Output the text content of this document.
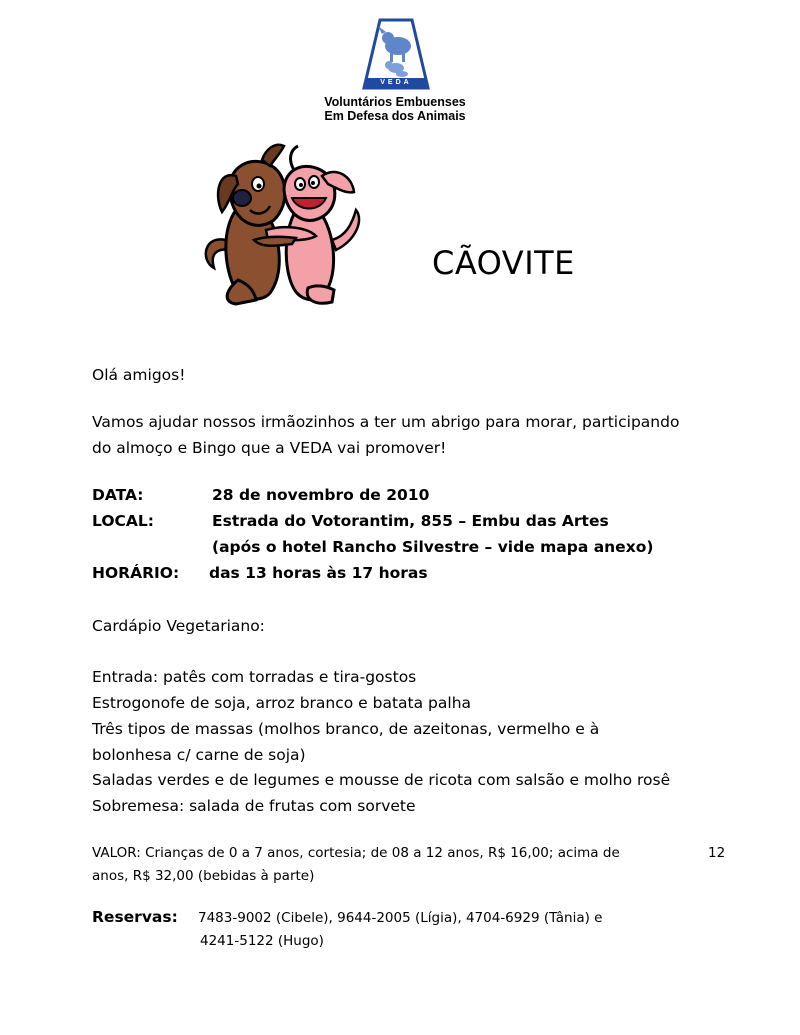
VEDA
Voluntários Embuenses
Em Defesa dos Animais
CÃOVITE
Olá amigos!
Vamos ajudar nossos irmãozinhos a ter um abrigo para morar, participando
do almoço e Bingo que a VEDA vai promover!
DATA:	28 de novembro de 2010
LOCAL:	Estrada do Votorantim, 855 – Embu das Artes
(após o hotel Rancho Silvestre – vide mapa anexo)
HORÁRIO: das 13 horas às 17 horas
Cardápio Vegetariano:
Entrada: patês com torradas e tira-gostos
Estrogonofe de soja, arroz branco e batata palha
Três tipos de massas (molhos branco, de azeitonas, vermelho e à
bolonhesa c/ carne de soja)
Saladas verdes e de legumes e mousse de ricota com salsão e molho rosê
Sobremesa: salada de frutas com sorvete
VALOR: Crianças de 0 a 7 anos, cortesia; de 08 a 12 anos, R$ 16,00; acima de	12
anos, R$ 32,00 (bebidas à parte)
Reservas: 7483-9002 (Cibele), 9644-2005 (Lígia), 4704-6929 (Tânia) e
4241-5122 (Hugo)
